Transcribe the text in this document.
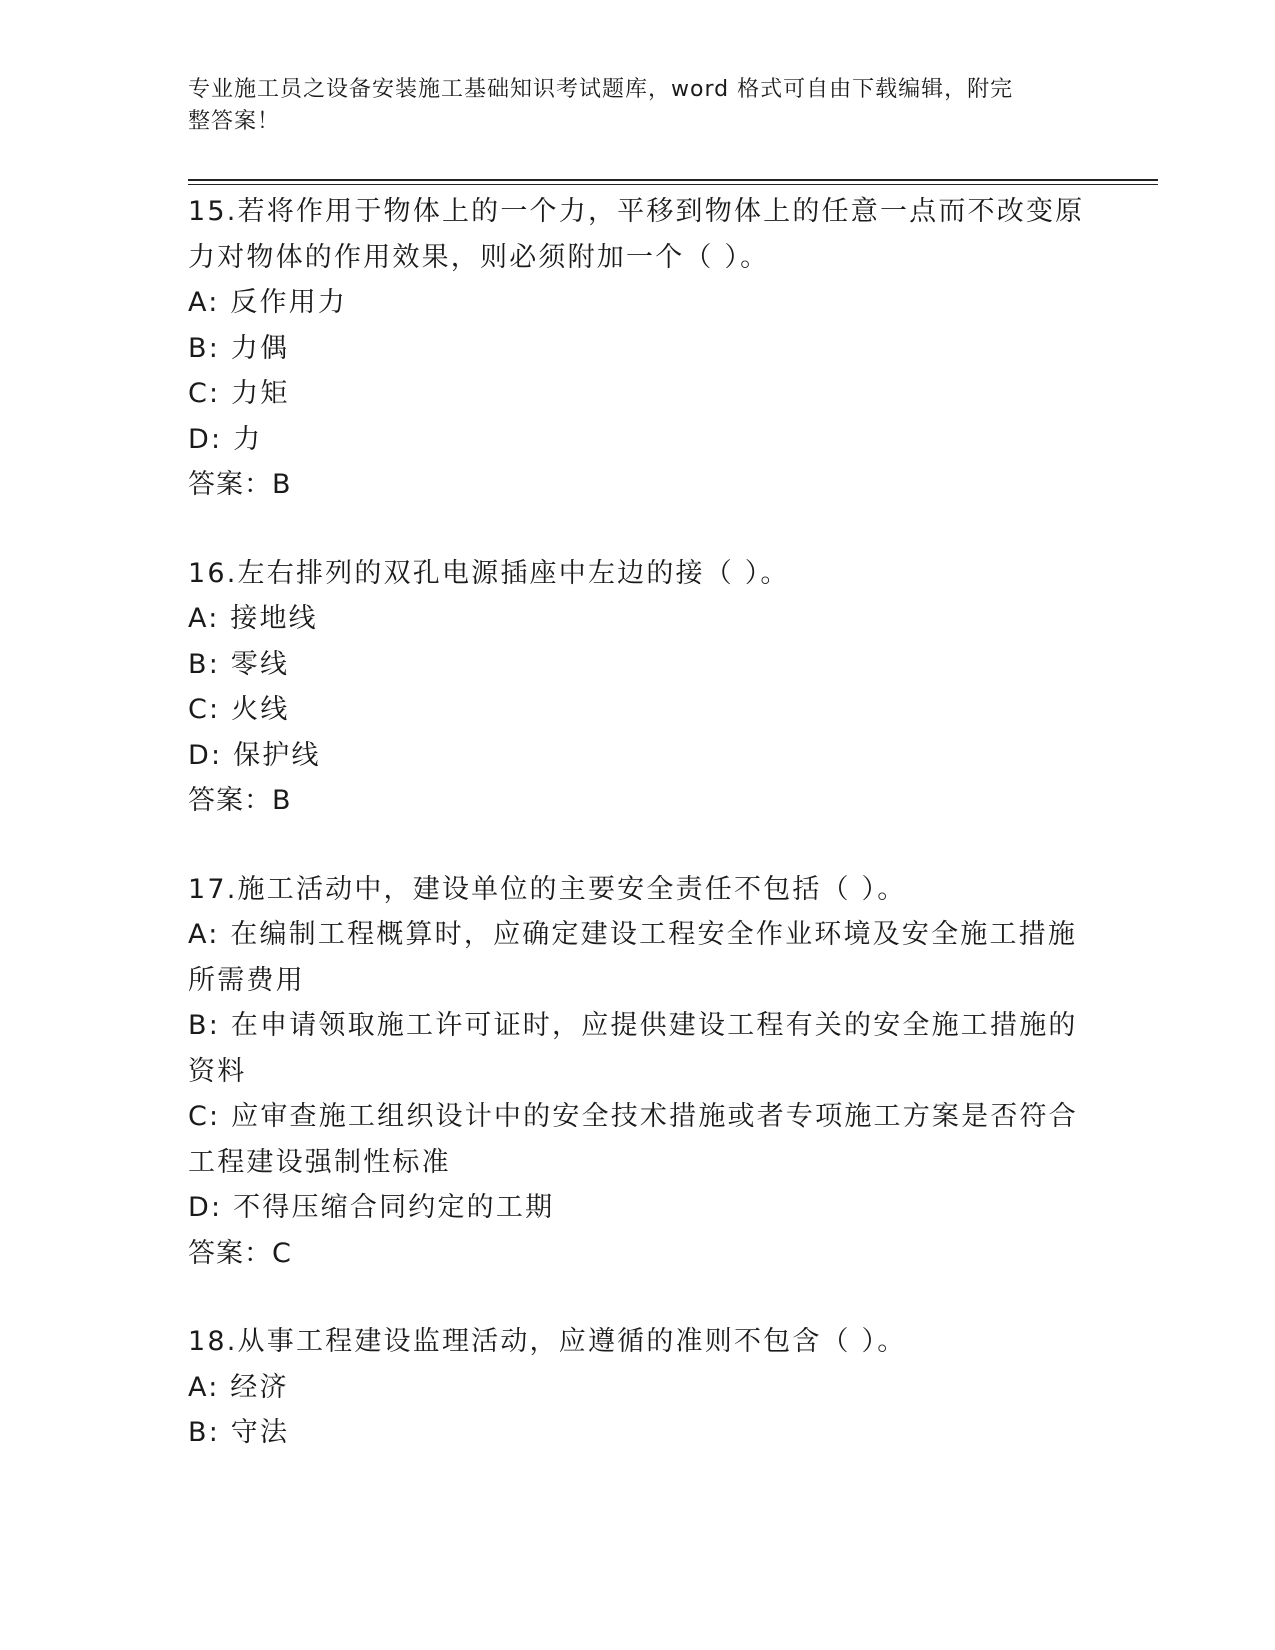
专业施工员之设备安装施工基础知识考试题库，word 格式可自由下载编辑，附完
整答案！

15.若将作用于物体上的一个力，平移到物体上的任意一点而不改变原

力对物体的作用效果，则必须附加一个（ ）。

A: 反作用力

B: 力偶

C: 力矩

D: 力

答案：B

16.左右排列的双孔电源插座中左边的接（ ）。

A: 接地线

B: 零线

C: 火线

D: 保护线

答案：B

17.施工活动中，建设单位的主要安全责任不包括（ ）。

A: 在编制工程概算时，应确定建设工程安全作业环境及安全施工措施

所需费用

B: 在申请领取施工许可证时，应提供建设工程有关的安全施工措施的

资料

C: 应审查施工组织设计中的安全技术措施或者专项施工方案是否符合

工程建设强制性标准

D: 不得压缩合同约定的工期

答案：C

18.从事工程建设监理活动，应遵循的准则不包含（ ）。

A: 经济

B: 守法
